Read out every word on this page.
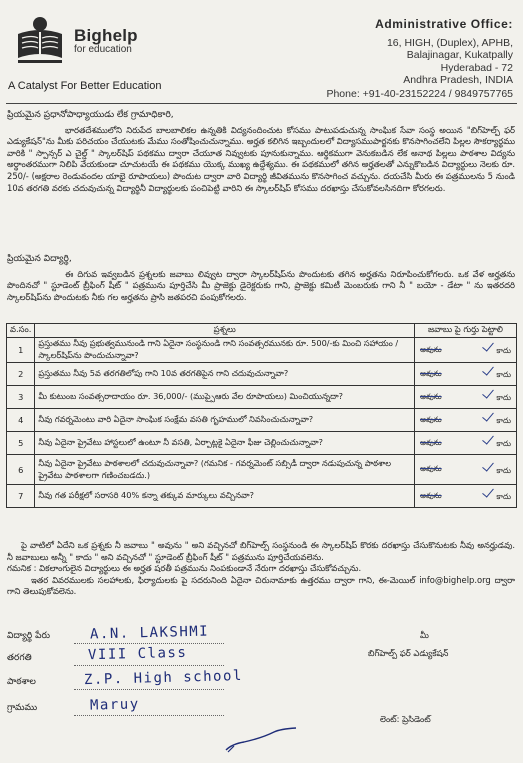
Bighelp
for education
A Catalyst For Better Education
Administrative Office:
16, HIGH, (Duplex), APHB,
Balajinagar, Kukatpally
Hyderabad - 72
Andhra Pradesh, INDIA
Phone: +91-40-23152224 / 9849757765

ప్రియమైన ప్రధానోపాధ్యాయుడు లేక గ్రామాధికారి,

భారతదేశములోని నిరుపేద బాలబాలికల ఉన్నతికి విద్యనందించుట కోసము పాటుపడుచున్న సాంఘిక సేవా సంస్థ అయిన "బిగ్‌హెల్ప్ ఫర్ ఎడ్యుకేషన్"ను మీకు పరిచయం చేయుటకు మేము సంతోషించుచున్నాము. అర్హత కలిగిన ఇబ్బందులలో విద్యాసముపార్జనకు కొనసాగించలేని పిల్లల సౌకర్యార్థము వారికి " స్పాన్సర్ ఎ చైల్డ్ " స్కాలర్‌షిప్ పథకము ద్వారా చేయూత నివ్వుటకు పూనుకున్నాము. ఆర్థికముగా వెనుకబడిన లేక అనాథ పిల్లలు పాఠశాల విద్యను అర్థాంతరముగా నిలిపి వేయకుండా చూచుటయే ఈ పథకము యొక్క ముఖ్య ఉద్దేశ్యము. ఈ పథకములో తగిన అర్హతలతో ఎన్నుకొబడిన విద్యార్థులు నెలకు రూ. 250/- (అక్షరాల రెండువందల యాభై రూపాయలు) పొందుట ద్వారా వారి విద్యార్థి జీవితమును కొనసాగించ వచ్చును. దయచేసి మీరు ఈ పత్రములను 5 నుండి 10వ తరగతి వరకు చదువుచున్న విద్యార్థినీ విద్యార్థులకు పంచిపెట్టి వారిని ఈ స్కాలర్‌షిప్ కోసము దరఖాస్తు చేసుకోవలసినదిగా కోరగలరు.

ప్రియమైన విద్యార్థి,

ఈ దిగువ ఇవ్వబడిన ప్రశ్నలకు జవాబు లివ్వుట ద్వారా స్కాలర్‌షిప్‌ను పొందుటకు తగిన అర్హతను నిరూపించుకోగలరు. ఒక వేళ అర్హతను పొందినచో " స్టూడెంట్ బ్రీఫింగ్ షీట్ " పత్రమును పూర్తిచేసి మీ ప్రాజెక్టు డైరెక్టరుకు గాని, ప్రాజెక్టు కమిటీ మెంబరుకు గాని నీ " బయో - డేటా " ను ఇతరదరి స్కాలర్‌షిప్‌ను పొందుటకు నీకు గల అర్హతను ప్రాసి జతపరచి పంపుకోగలరు.

వ.సం.	ప్రశ్నలు	జవాబు పై గుర్తు పెట్టాలి
1	ప్రస్తుతము నీవు ప్రభుత్వమునుండి గాని ఏదైనా సంస్థనుండి గాని సంవత్సరమునకు రూ. 500/-కు మించి సహాయం / స్కాలర్‌షిప్‌ను పొందుచున్నావా?	అవును కాదు

2	ప్రస్తుతము నీవు 5వ తరగతిలోపు గాని 10వ తరగతిపైన గాని చదువుచున్నావా?	అవును కాదు

3	మీ కుటుంబ సంవత్సరాదాయం రూ. 36,000/- (ముప్పైఆరు వేల రూపాయలు) మించియున్నదా?	అవును కాదు

4	నీవు గవర్నమెంటు వారి ఏదైనా సాంఘిక సంక్షేమ వసతి గృహములో నివసించుచున్నావా?	అవును కాదు

5	నీవు ఏదైనా ప్రైవేటు హాస్టలులో ఉంటూ నీ వసతి, ఏర్పాట్లకై ఏదైనా ఫీజు చెల్లించుచున్నావా?	అవును కాదు

6	నీవు ఏదైనా ప్రైవేటు పాఠశాలలో చదువుచున్నావా? (గమనిక - గవర్నమెంట్ సబ్సిడీ ద్వారా నడుపుచున్న పాఠశాల ప్రైవేటు పాఠశాలగా గణించబడదు.)	అవును కాదు

7	నీవు గత పరీక్షలో సరాసరి 40% కన్నా తక్కువ మార్కులు వచ్చినవా?	అవును కాదు

పై వాటిలో ఏదేని ఒక ప్రశ్నకు నీ జవాబు " అవును " అని వచ్చినచో బిగ్‌హెల్ప్ సంస్థనుండి ఈ స్కాలర్‌షిప్ కొరకు దరఖాస్తు చేసుకొనుటకు నీవు అనర్హుడవు. నీ జవాబులు అన్నీ " కాదు " అని వచ్చినచో " స్టూడెంట్ బ్రీఫింగ్ షీట్ " పత్రమును పూర్తిచేయవలెను.

గమనిక : వికలాంగులైన విద్యార్థులు ఈ అర్హత షరతీ పత్రమును నింపకుండానే నేరుగా దరఖాస్తు చేసుకోవచ్చును.

ఇతర వివరములకు సలహాలకు, ఫిర్యాదులకు పై సదరునింది ఏదైనా చిరునామాకు ఉత్తరము ద్వారా గాని, ఈ-మెయిల్ info@bighelp.org ద్వారా గాని తెలుపుకోవలెను.

విద్యార్థి పేరు	A.N. LAKSHMI
తరగతి	VIII Class
పాఠశాల	Z.P. High school
గ్రామము	Maruy
మీ
బిగ్‌హెల్ప్ ఫర్ ఎడ్యుకేషన్
లెంట్: ప్రెసిడెంట్
